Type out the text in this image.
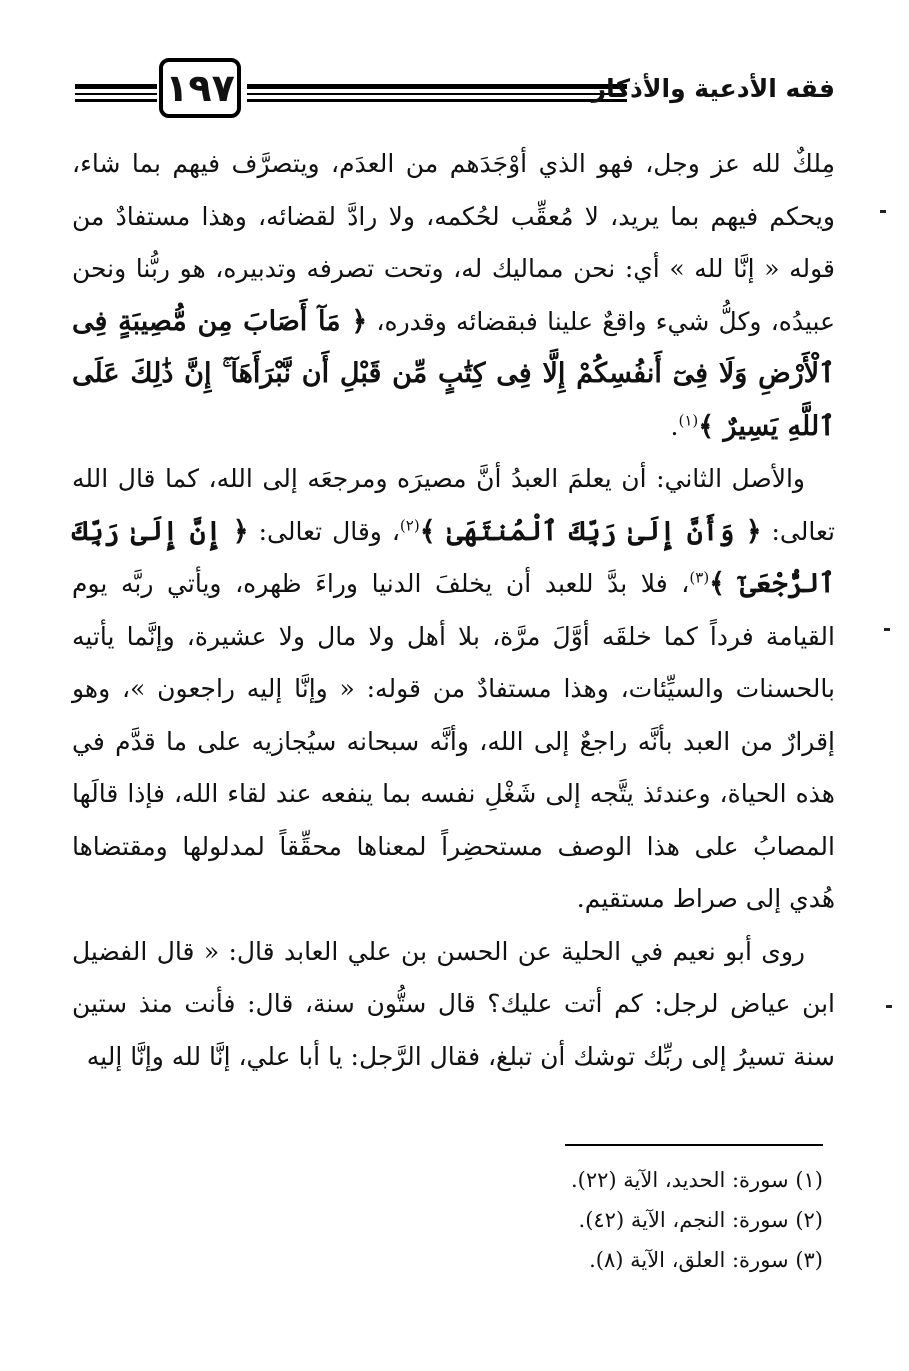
١٩٧	فقه الأدعية والأذكار

مِلكٌ لله عز وجل، فهو الذي أوْجَدَهم من العدَم، ويتصرَّف فيهم بما شاء، ويحكم فيهم بما يريد، لا مُعقِّب لحُكمه، ولا رادَّ لقضائه، وهذا مستفادٌ من قوله « إنَّا لله » أي: نحن مماليك له، وتحت تصرفه وتدبيره، هو ربُّنا ونحن عبيدُه، وكلُّ شيء واقعٌ علينا فبقضائه وقدره، ﴿ مَآ أَصَابَ مِن مُّصِيبَةٍ فِى ٱلْأَرْضِ وَلَا فِىٓ أَنفُسِكُمْ إِلَّا فِى كِتَٰبٍ مِّن قَبْلِ أَن نَّبْرَأَهَآ ۚ إِنَّ ذَٰلِكَ عَلَى ٱللَّهِ يَسِيرٌ ﴾$^{(١)}$.

والأصل الثاني: أن يعلمَ العبدُ أنَّ مصيرَه ومرجعَه إلى الله، كما قال الله تعالى: ﴿ وَأَنَّ إِلَىٰ رَبِّكَ ٱلْمُنتَهَىٰ ﴾$^{(٢)}$، وقال تعالى: ﴿ إِنَّ إِلَىٰ رَبِّكَ ٱلرُّجْعَىٰٓ ﴾$^{(٣)}$، فلا بدَّ للعبد أن يخلفَ الدنيا وراءَ ظهره، ويأتي ربَّه يوم القيامة فرداً كما خلقَه أوَّلَ مرَّة، بلا أهل ولا مال ولا عشيرة، وإنَّما يأتيه بالحسنات والسيِّئات، وهذا مستفادٌ من قوله: « وإنَّا إليه راجعون »، وهو إقرارٌ من العبد بأنَّه راجعٌ إلى الله، وأنَّه سبحانه سيُجازيه على ما قدَّم في هذه الحياة، وعندئذ يتَّجه إلى شَغْلِ نفسه بما ينفعه عند لقاء الله، فإذا قالَها المصابُ على هذا الوصف مستحضِراً لمعناها محقِّقاً لمدلولها ومقتضاها هُدي إلى صراط مستقيم.

روى أبو نعيم في الحلية عن الحسن بن علي العابد قال: « قال الفضيل ابن عياض لرجل: كم أتت عليك؟ قال ستُّون سنة، قال: فأنت منذ ستين سنة تسيرُ إلى ربِّك توشك أن تبلغ، فقال الرَّجل: يا أبا علي، إنَّا لله وإنَّا إليه

(١) سورة: الحديد، الآية (٢٢).

(٢) سورة: النجم، الآية (٤٢).

(٣) سورة: العلق، الآية (٨).
